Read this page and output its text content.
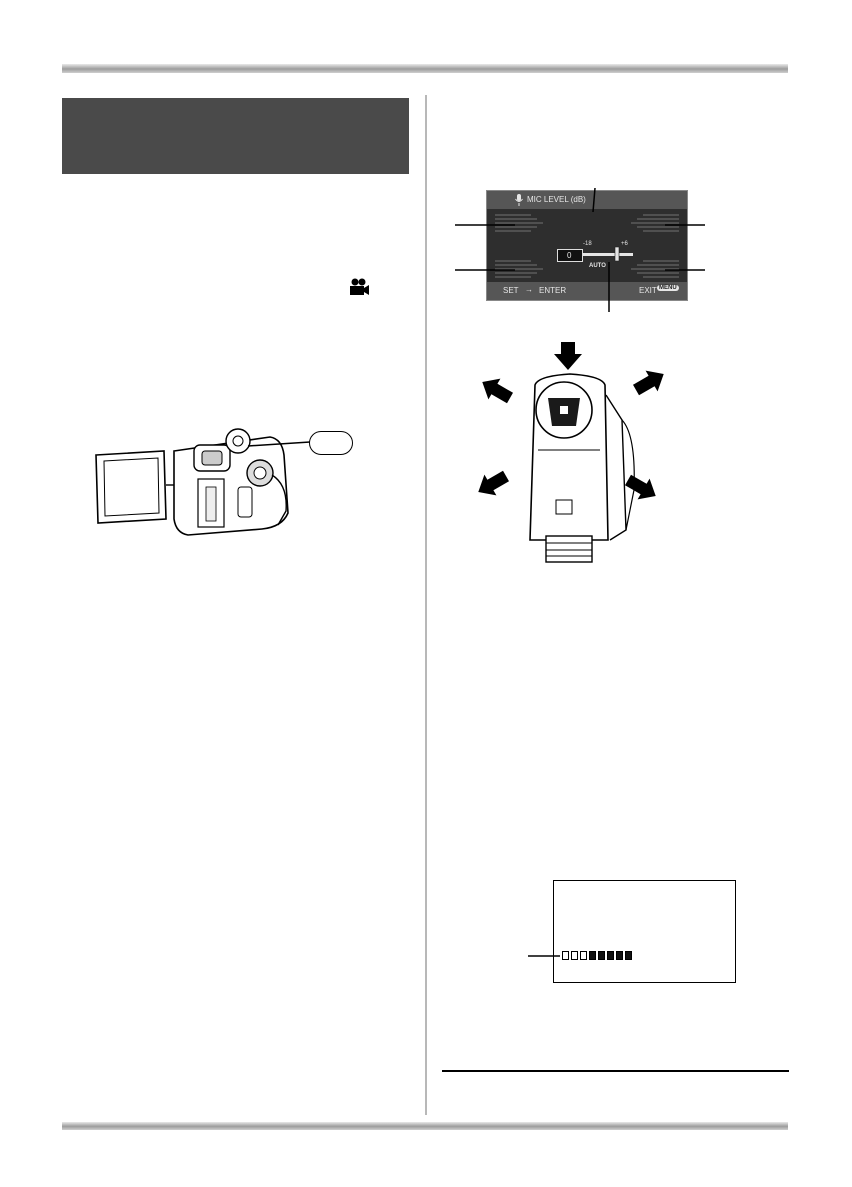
MIC LEVEL (dB)
-18	+6
0
AUTO
SET → ENTER	EXIT MENU
